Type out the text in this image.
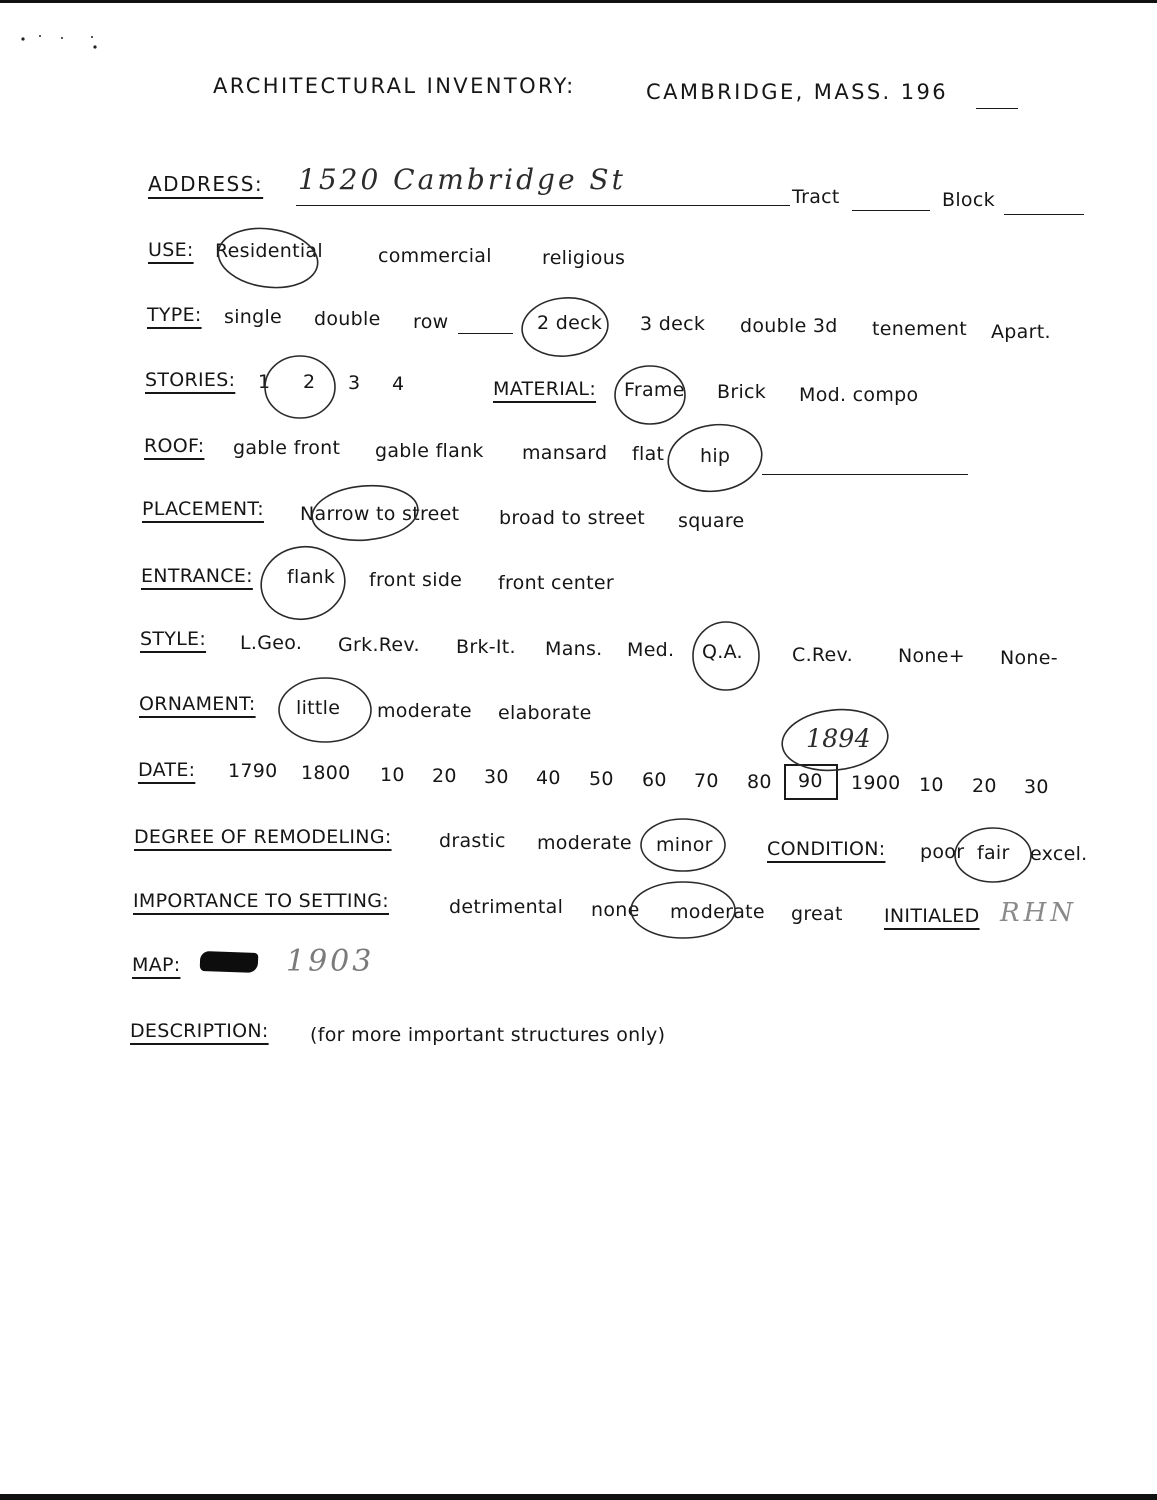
ARCHITECTURAL INVENTORY:	CAMBRIDGE, MASS. 196
ADDRESS: 1520 Cambridge St
Tract	Block
USE: Residential	commercial	religious
TYPE: single double row	2 deck 3 deck double 3d tenement Apart.
STORIES: 1 2 3 4	MATERIAL: Frame Brick Mod. compo
ROOF: gable front gable flank mansard flat hip
PLACEMENT: Narrow to street broad to street square
ENTRANCE: flank front side front center
STYLE: L.Geo. Grk.Rev. Brk-It. Mans. Med. Q.A.	C.Rev. None+ None-
ORNAMENT: little moderate elaborate
DATE: 1790 1800 10 20 30 40 50 60 70 80 90 1900 10 20 30
1894
DEGREE OF REMODELING: drastic moderate minor	CONDITION: poor fair excel.
IMPORTANCE TO SETTING:	detrimental none moderate great INITIALED RHN
MAP:	1903
DESCRIPTION: (for more important structures only)
